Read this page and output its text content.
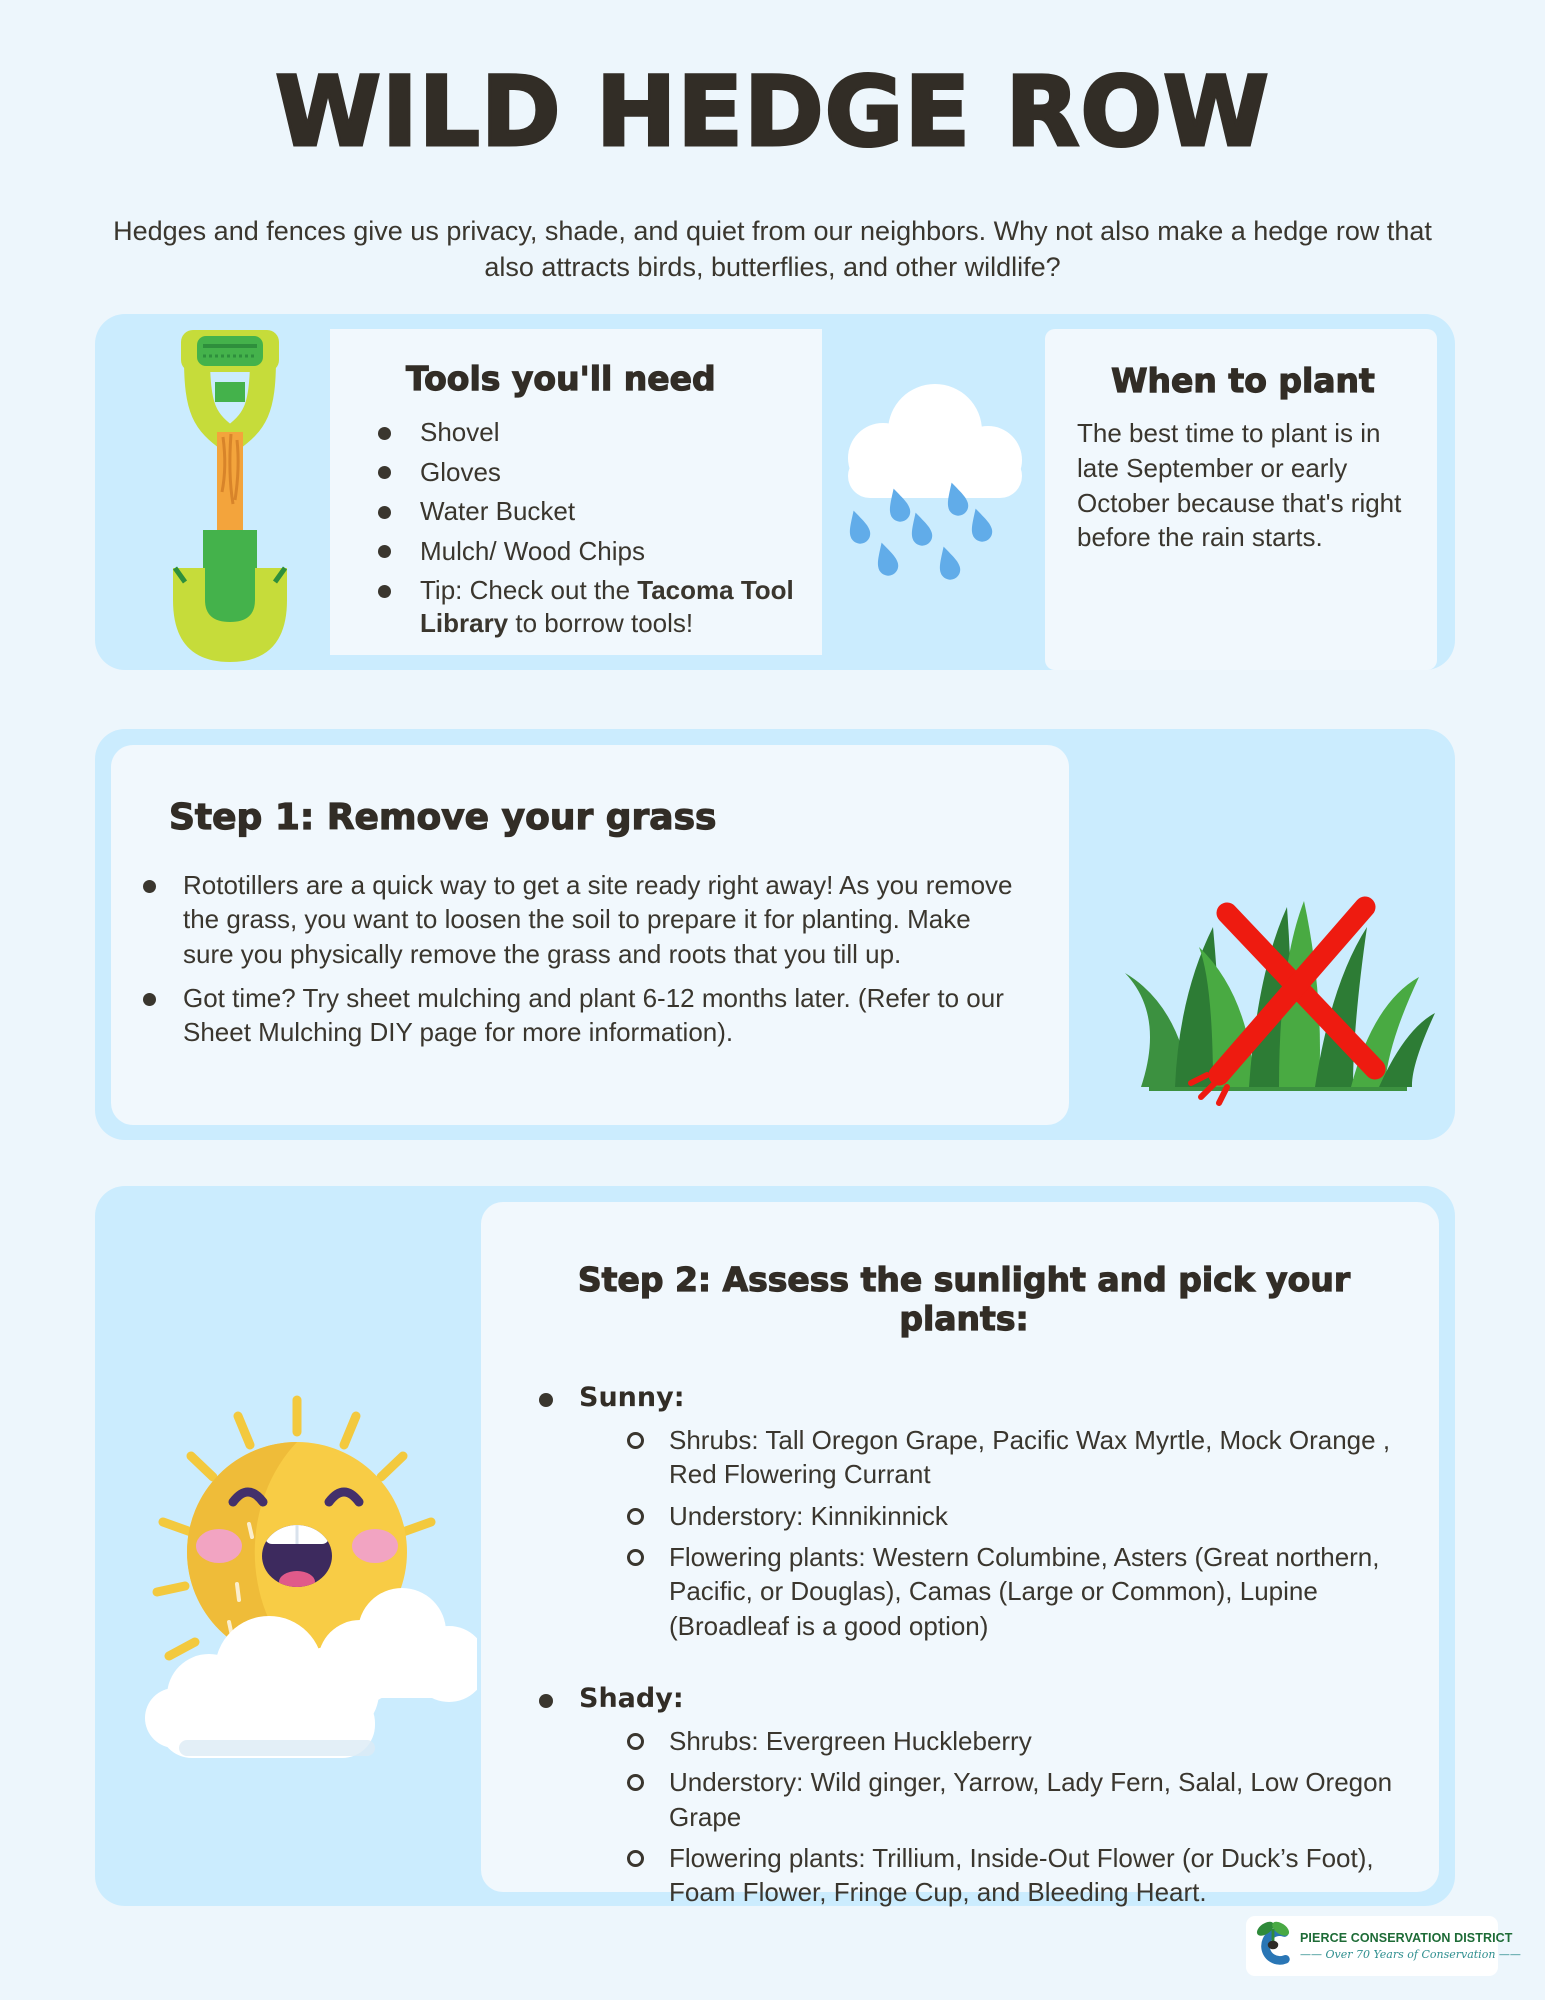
WILD HEDGE ROW
Hedges and fences give us privacy, shade, and quiet from our neighbors. Why not also make a hedge row that also attracts birds, butterflies, and other wildlife?
Tools you'll need
Shovel
Gloves
Water Bucket
Mulch/ Wood Chips
Tip: Check out the Tacoma Tool Library to borrow tools!
When to plant

The best time to plant is in late September or early October because that's right before the rain starts.

Step 1: Remove your grass
Rototillers are a quick way to get a site ready right away! As you remove the grass, you want to loosen the soil to prepare it for planting. Make sure you physically remove the grass and roots that you till up.
Got time? Try sheet mulching and plant 6-12 months later. (Refer to our Sheet Mulching DIY page for more information).
Step 2: Assess the sunlight and pick your plants:
Sunny:
Shrubs: Tall Oregon Grape, Pacific Wax Myrtle, Mock Orange , Red Flowering Currant
Understory: Kinnikinnick
Flowering plants: Western Columbine, Asters (Great northern, Pacific, or Douglas), Camas (Large or Common), Lupine (Broadleaf is a good option)
Shady:
Shrubs: Evergreen Huckleberry
Understory: Wild ginger, Yarrow, Lady Fern, Salal, Low Oregon Grape
Flowering plants: Trillium, Inside-Out Flower (or Duck’s Foot), Foam Flower, Fringe Cup, and Bleeding Heart.
PIERCE CONSERVATION DISTRICT
—— Over 70 Years of Conservation ——
